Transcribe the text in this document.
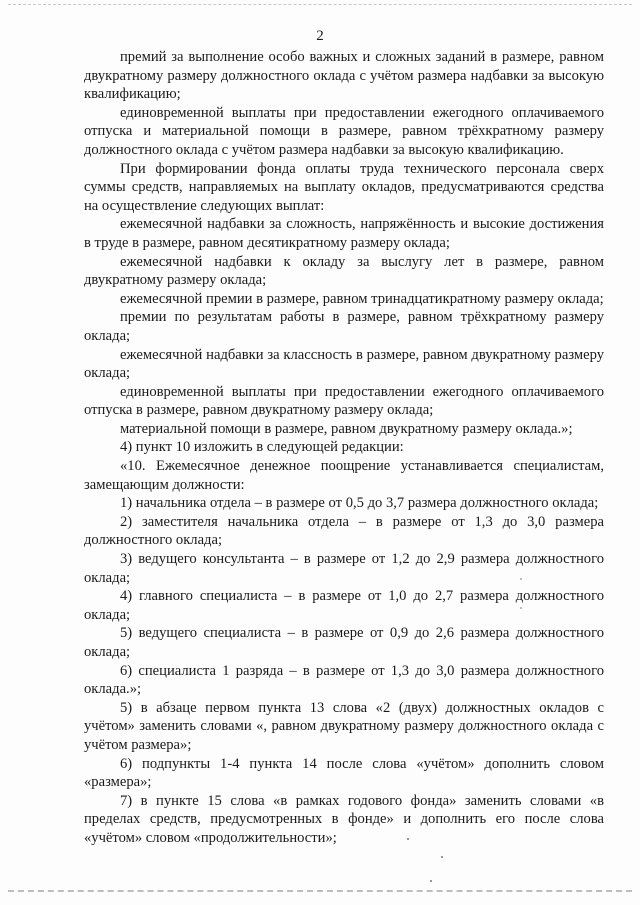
2

премий за выполнение особо важных и сложных заданий в размере, равном двукратному размеру должностного оклада с учётом размера надбавки за высокую квалификацию;

единовременной выплаты при предоставлении ежегодного оплачиваемого отпуска и материальной помощи в размере, равном трёхкратному размеру должностного оклада с учётом размера надбавки за высокую квалификацию.

При формировании фонда оплаты труда технического персонала сверх суммы средств, направляемых на выплату окладов, предусматриваются средства на осуществление следующих выплат:

ежемесячной надбавки за сложность, напряжённость и высокие достижения в труде в размере, равном десятикратному размеру оклада;

ежемесячной надбавки к окладу за выслугу лет в размере, равном двукратному размеру оклада;

ежемесячной премии в размере, равном тринадцатикратному размеру оклада;

премии по результатам работы в размере, равном трёхкратному размеру оклада;

ежемесячной надбавки за классность в размере, равном двукратному размеру оклада;

единовременной выплаты при предоставлении ежегодного оплачиваемого отпуска в размере, равном двукратному размеру оклада;

материальной помощи в размере, равном двукратному размеру оклада.»;

4) пункт 10 изложить в следующей редакции:

«10. Ежемесячное денежное поощрение устанавливается специалистам, замещающим должности:

1) начальника отдела – в размере от 0,5 до 3,7 размера должностного оклада;

2) заместителя начальника отдела – в размере от 1,3 до 3,0 размера должностного оклада;

3) ведущего консультанта – в размере от 1,2 до 2,9 размера должностного оклада;

4) главного специалиста – в размере от 1,0 до 2,7 размера должностного оклада;

5) ведущего специалиста – в размере от 0,9 до 2,6 размера должностного оклада;

6) специалиста 1 разряда – в размере от 1,3 до 3,0 размера должностного оклада.»;

5) в абзаце первом пункта 13 слова «2 (двух) должностных окладов с учётом» заменить словами «, равном двукратному размеру должностного оклада с учётом размера»;

6) подпункты 1-4 пункта 14 после слова «учётом» дополнить словом «размера»;

7) в пункте 15 слова «в рамках годового фонда» заменить словами «в пределах средств, предусмотренных в фонде» и дополнить его после слова «учётом» словом «продолжительности»;
